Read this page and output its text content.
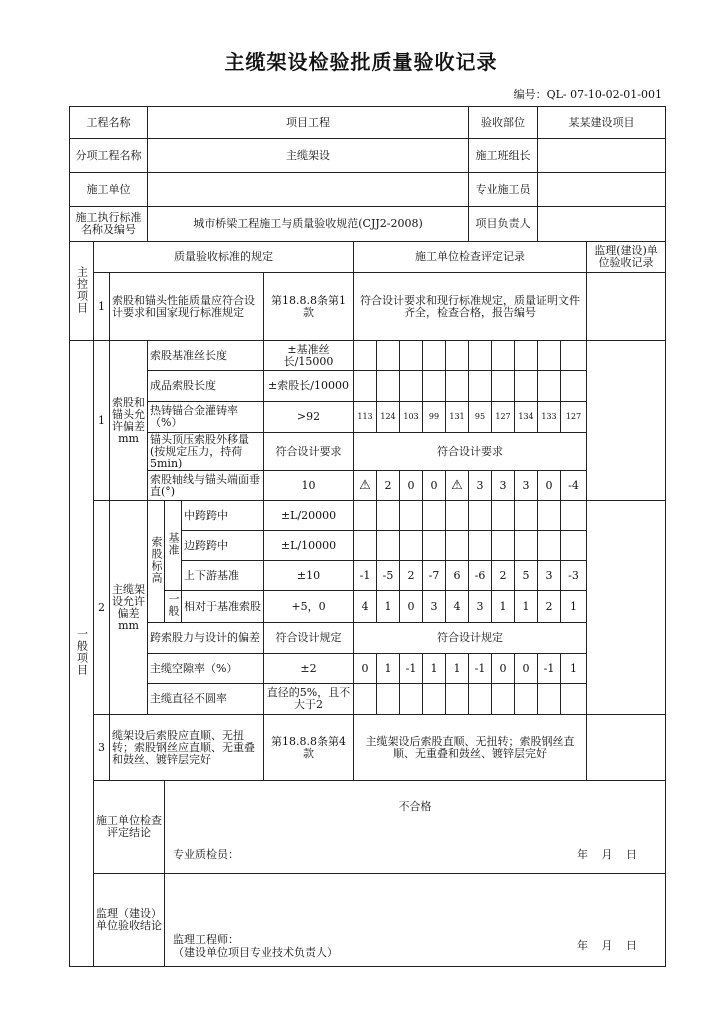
主缆架设检验批质量验收记录
编号：QL- 07-10-02-01-001
工程名称			项目工程									验收部位			某某建设项目		
分项工程名称			主缆架设									施工班组长					
施工单位												专业施工员					
施工执行标准名称及编号			城市桥梁工程施工与质量验收规范(CJJ2-2008)									项目负责人					
主控项目	质量验收标准的规定						施工单位检查评定记录										监理(建设)单位验收记录
	1	索股和锚头性能质量应符合设计要求和国家现行标准规定				第18.8.8条第1款	符合设计要求和现行标准规定，质量证明文件齐全，检查合格，报告编号										
一般项目	1	索股和锚头允许偏差mm	索股基准丝长度			±基准丝长/15000											
			成品索股长度			±索股长/10000											
			热铸锚合金灌铸率（%）			>92	113	124	103	99	131	95	127	134	133	127	
			锚头顶压索股外移量(按规定压力，持荷5min)			符合设计要求	符合设计要求										
			索股轴线与锚头端面垂直(°)			10	⚠	2	0	0	⚠	3	3	3	0	-4	
	2	主缆架设允许偏差mm	索股标高	基准	中跨跨中	±L/20000											
					边跨跨中	±L/10000											
					上下游基准	±10	-1	-5	2	-7	6	-6	2	5	3	-3	
				一般	相对于基准索股	+5，0	4	1	0	3	4	3	1	1	2	1	
			跨索股力与设计的偏差			符合设计规定	符合设计规定										
			主缆空隙率（%）			±2	0	1	-1	1	1	-1	0	0	-1	1	
			主缆直径不圆率			直径的5%，且不大于2											
	3	缆架设后索股应直顺、无扭转；索股钢丝应直顺、无重叠和鼓丝、镀锌层完好				第18.8.8条第4款	主缆架设后索股直顺、无扭转；索股钢丝直顺、无重叠和鼓丝、镀锌层完好										
	施工单位检查评定结论			不合格
专业质检员： 年 月 日													

	监理（建设）单位验收结论			监理工程师：
（建设单位项目专业技术负责人）
年 月 日													
